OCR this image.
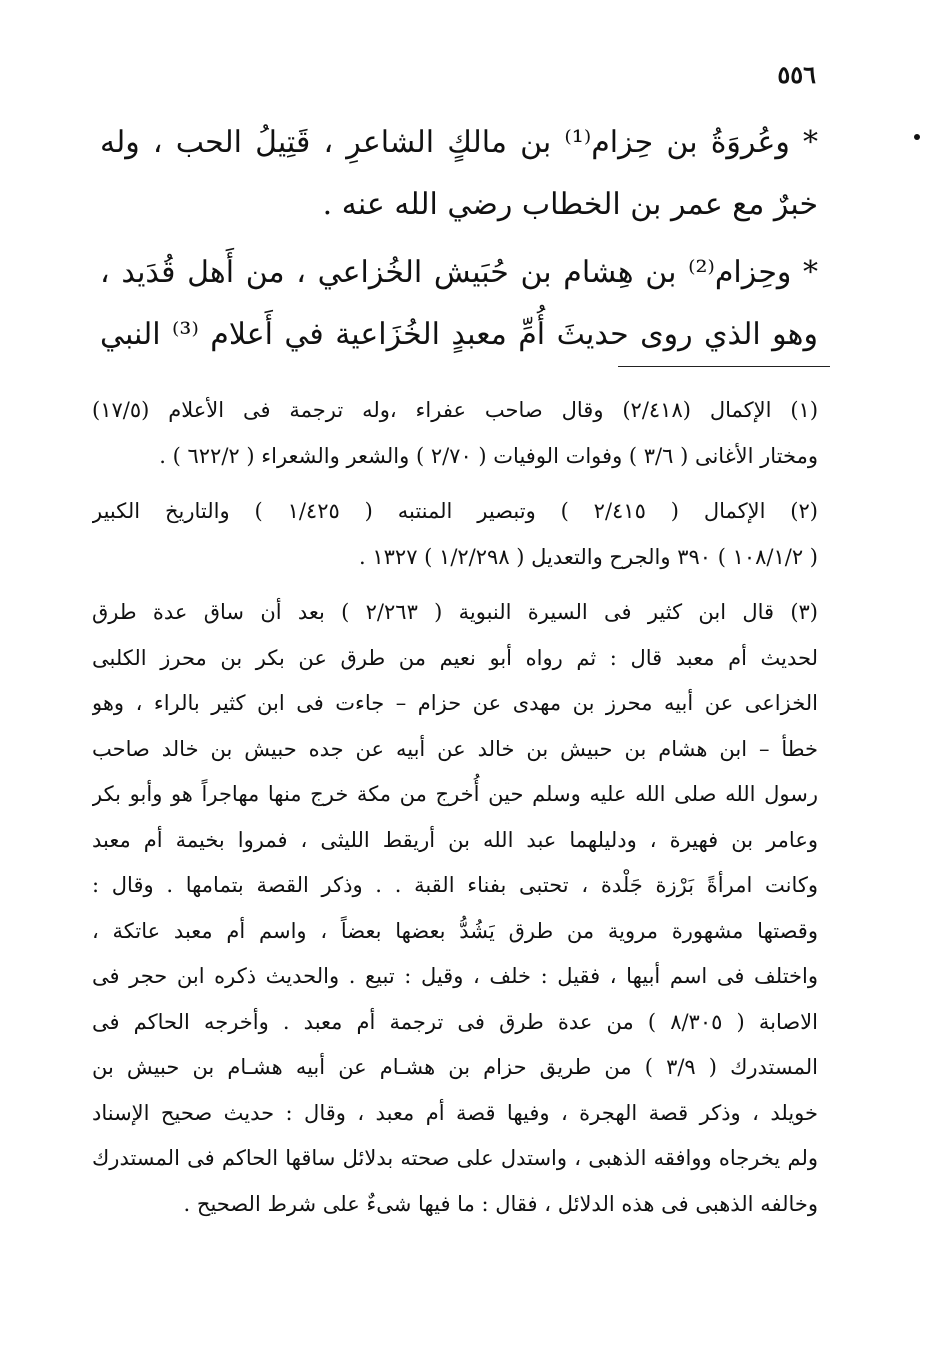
٥٥٦
* وعُروَةُ بن حِزام⁽¹⁾ بن مالكٍ الشاعرِ ، قَتِيلُ الحب ، وله
خبرٌ مع عمر بن الخطاب رضي الله عنه .
* وحِزام⁽²⁾ بن هِشام بن حُبَيش الخُزاعي ، من أَهل قُدَيد ،
وهو الذي روى حديثَ أُمِّ معبدٍ الخُزَاعية في أَعلام ⁽³⁾ النبي
(١) الإكمال (٢/٤١٨) وقال صاحب عفراء ،وله ترجمة فى الأعلام (١٧/٥)
ومختار الأغانى ( ٣/٦ ) وفوات الوفيات ( ٢/٧٠ ) والشعر والشعراء ( ٦٢٢/٢ ) .
(٢) الإكمال ( ٢/٤١٥ ) وتبصير المنتبه ( ١/٤٢٥ ) والتاريخ الكبير
( ١٠٨/١/٢ ) ٣٩٠ والجرح والتعديل ( ١/٢/٢٩٨ ) ١٣٢٧ .
(٣) قال ابن كثير فى السيرة النبوية ( ٢/٢٦٣ ) بعد أن ساق عدة طرق
لحديث أم معبد قال : ثم رواه أبو نعيم من طرق عن بكر بن محرز الكلبى
الخزاعى عن أبيه محرز بن مهدى عن حزام – جاءت فى ابن كثير بالراء ، وهو
خطأ – ابن هشام بن حبيش بن خالد عن أبيه عن جده حبيش بن خالد صاحب
رسول الله صلى الله عليه وسلم حين أُخرج من مكة خرج منها مهاجراً هو وأبو بكر
وعامر بن فهيرة ، ودليلهما عبد الله بن أريقط الليثى ، فمروا بخيمة أم معبد
وكانت امرأةً بَرْزة جَلْدة ، تحتبى بفناء القبة . . وذكر القصة بتمامها . وقال :
وقصتها مشهورة مروية من طرق يَشُدُّ بعضها بعضاً ، واسم أم معبد عاتكة ،
واختلف فى اسم أبيها ، فقيل : خلف ، وقيل : تبيع . والحديث ذكره ابن حجر فى
الاصابة ( ٨/٣٠٥ ) من عدة طرق فى ترجمة أم معبد . وأخرجه الحاكم فى
المستدرك ( ٣/٩ ) من طريق حزام بن هشـام عن أبيه هشـام بن حبيش بن
خويلد ، وذكر قصة الهجرة ، وفيها قصة أم معبد ، وقال : حديث صحيح الإسناد
ولم يخرجاه ووافقه الذهبى ، واستدل على صحته بدلائل ساقها الحاكم فى المستدرك
وخالفه الذهبى فى هذه الدلائل ، فقال : ما فيها شىءٌ على شرط الصحيح .
